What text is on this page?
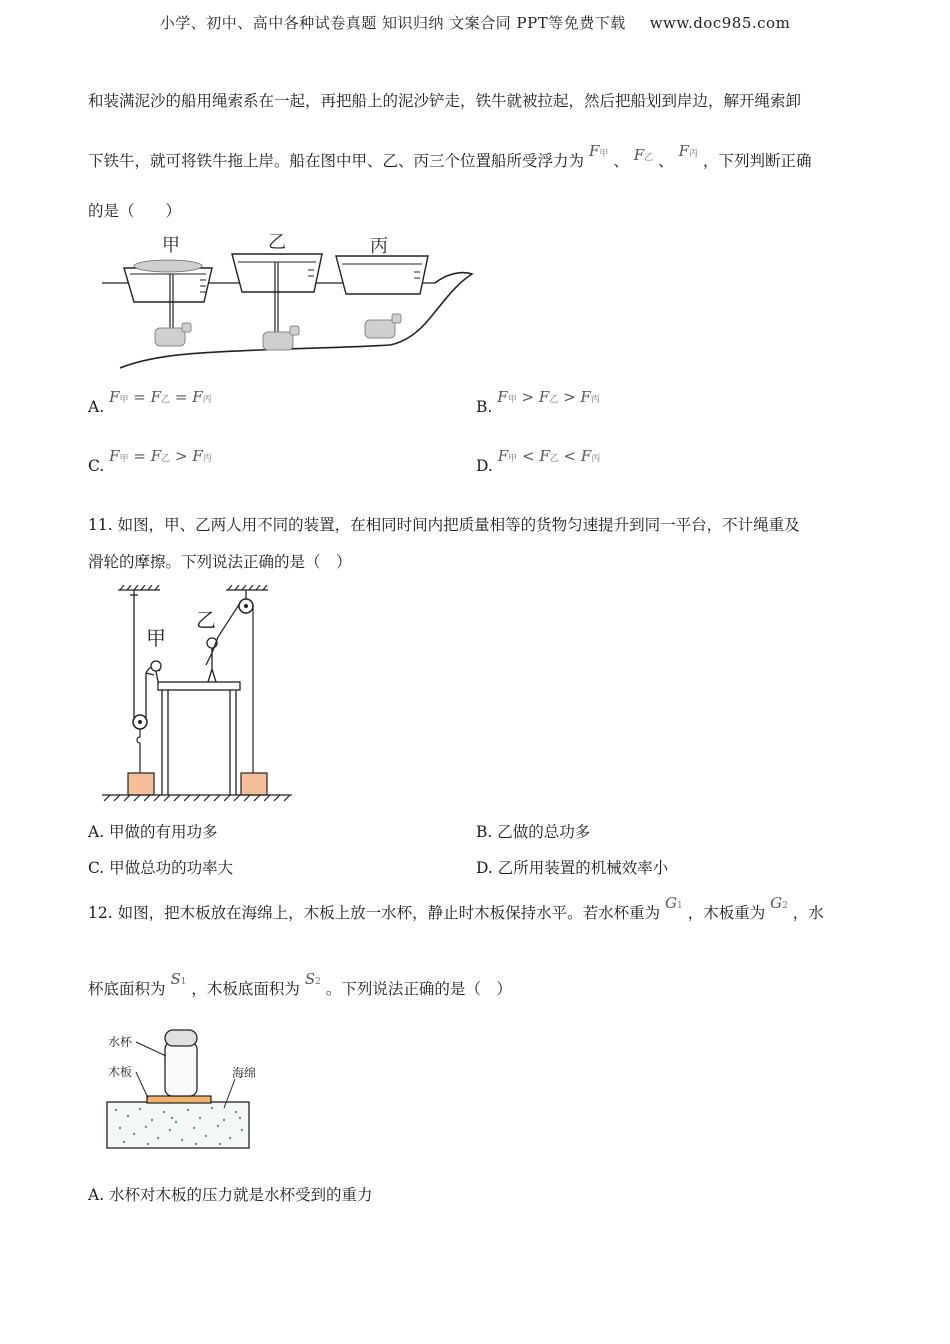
小学、初中、高中各种试卷真题 知识归纳 文案合同 PPT等免费下载 www.doc985.com
和装满泥沙的船用绳索系在一起，再把船上的泥沙铲走，铁牛就被拉起，然后把船划到岸边，解开绳索卸
下铁牛，就可将铁牛拖上岸。船在图中甲、乙、丙三个位置船所受浮力为 F甲 、 F乙 、 F丙 ，下列判断正确
的是（　　）
甲	乙	丙
A. F甲 = F乙 = F丙	B. F甲 > F乙 > F丙
C. F甲 = F乙 > F丙	D. F甲 < F乙 < F丙
11. 如图，甲、乙两人用不同的装置，在相同时间内把质量相等的货物匀速提升到同一平台，不计绳重及
滑轮的摩擦。下列说法正确的是（　）
甲
乙
A. 甲做的有用功多	B. 乙做的总功多
C. 甲做总功的功率大	D. 乙所用装置的机械效率小
12. 如图，把木板放在海绵上，木板上放一水杯，静止时木板保持水平。若水杯重为 G1 ，木板重为 G2 ，水
杯底面积为 S1 ，木板底面积为 S2 。下列说法正确的是（　）
水杯
木板	海绵
A. 水杯对木板的压力就是水杯受到的重力
